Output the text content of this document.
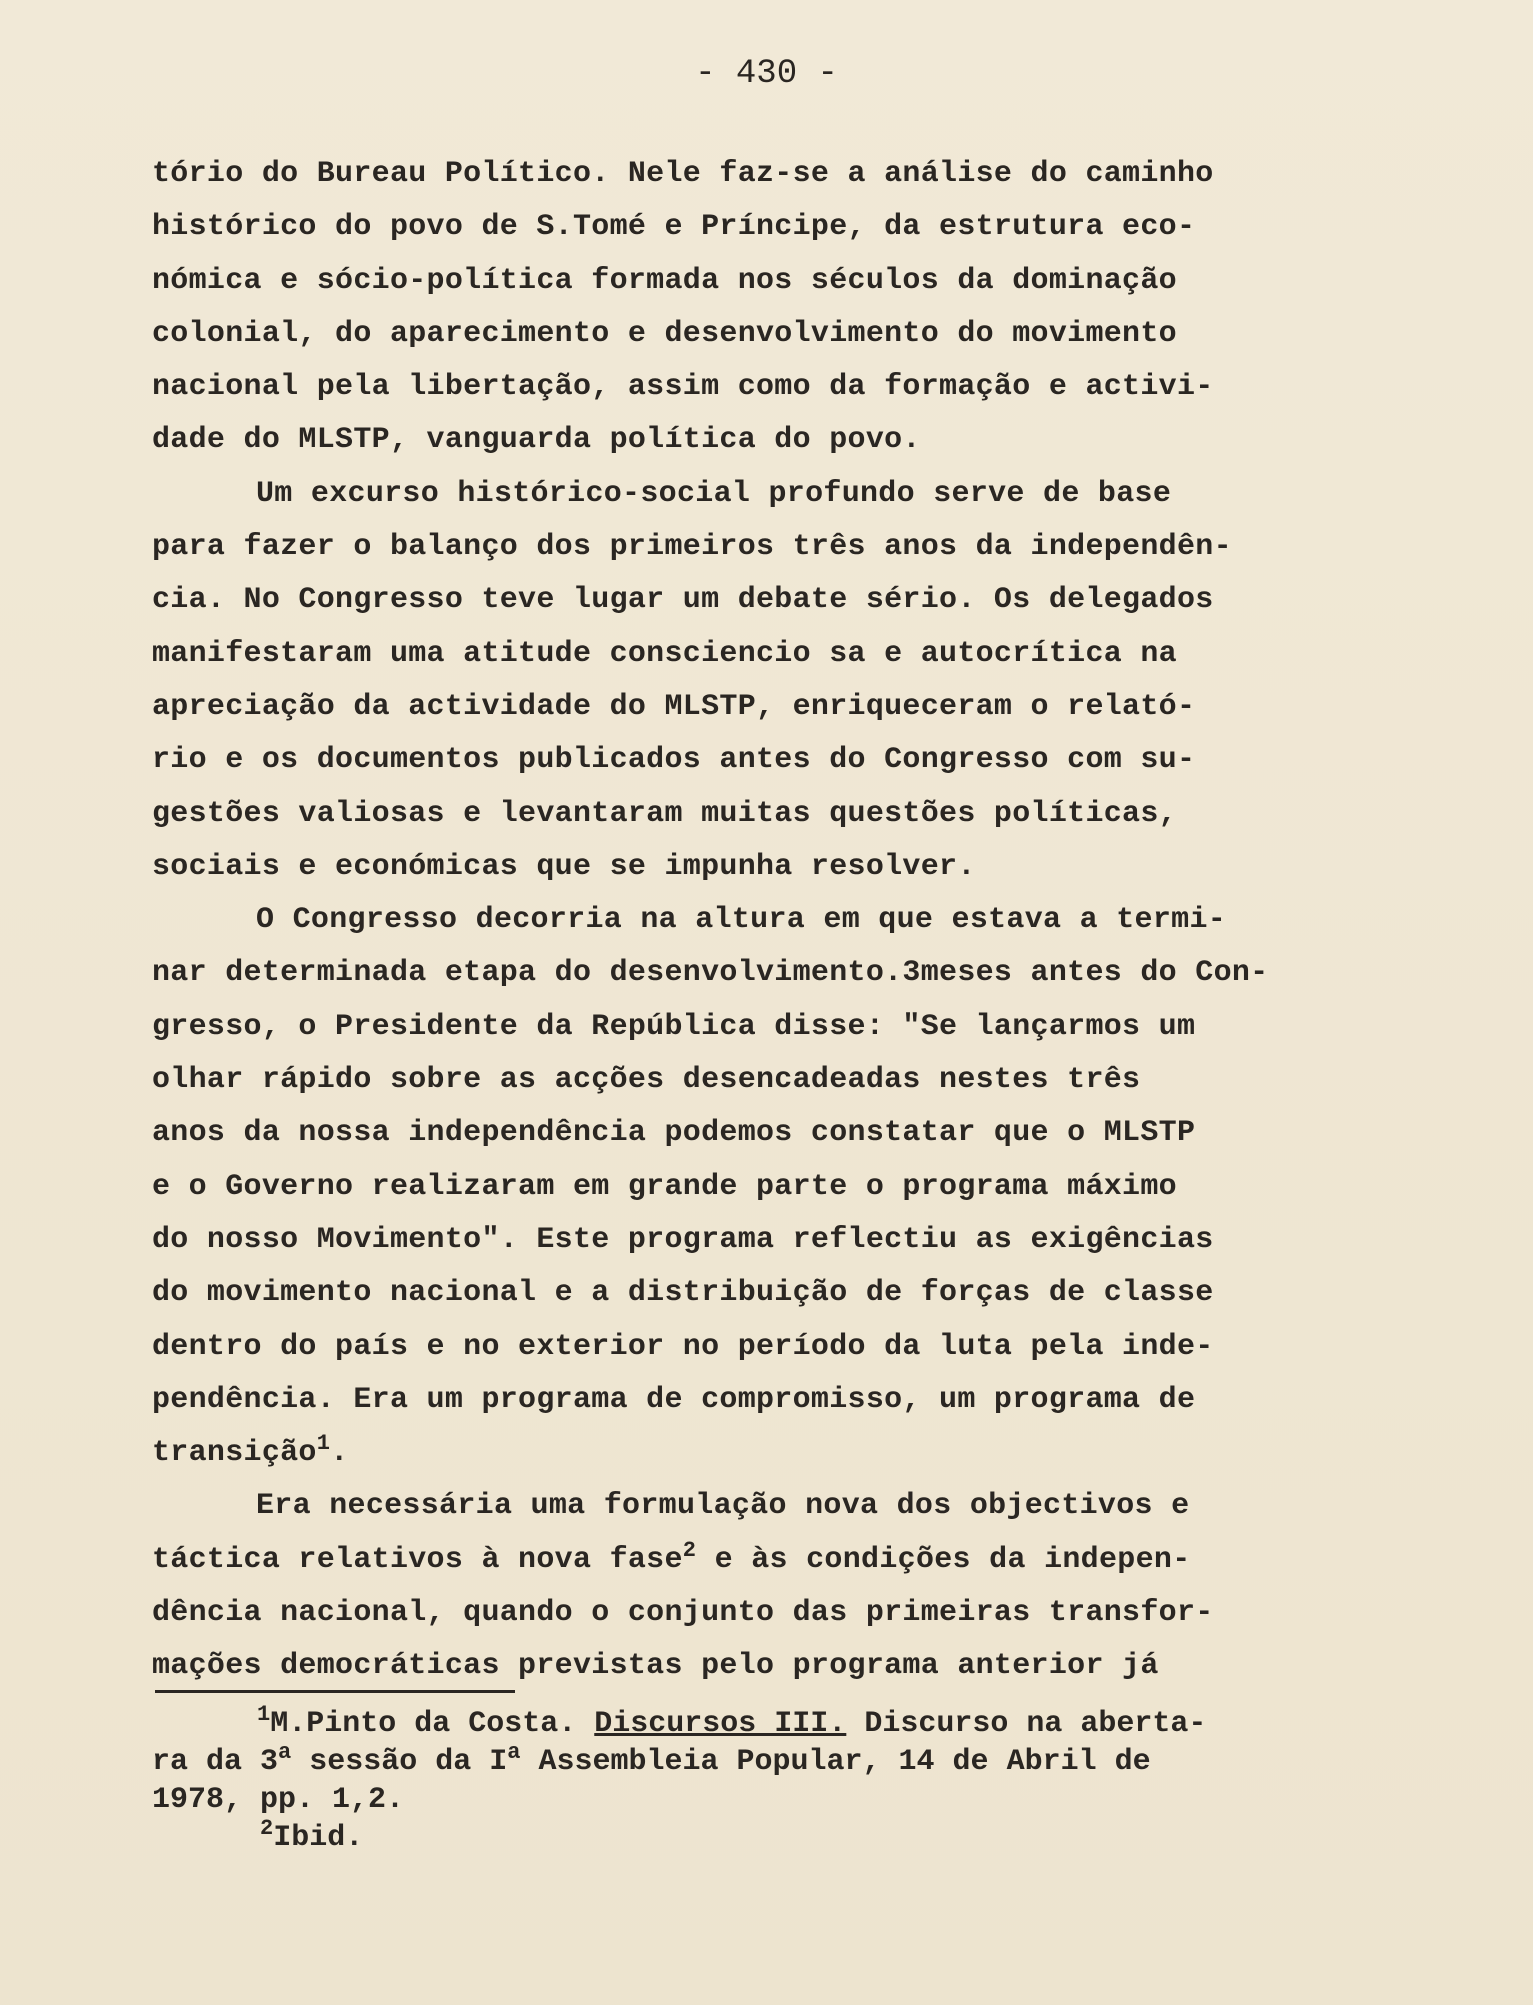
- 430 -
tório do Bureau Político. Nele faz-se a análise do caminho
histórico do povo de S.Tomé e Príncipe, da estrutura eco-
nómica e sócio-política formada nos séculos da dominação
colonial, do aparecimento e desenvolvimento do movimento
nacional pela libertação, assim como da formação e activi-
dade do MLSTP, vanguarda política do povo.
Um excurso histórico-social profundo serve de base
para fazer o balanço dos primeiros três anos da independên-
cia. No Congresso teve lugar um debate sério. Os delegados
manifestaram uma atitude consciencio sa e autocrítica na
apreciação da actividade do MLSTP, enriqueceram o relató-
rio e os documentos publicados antes do Congresso com su-
gestões valiosas e levantaram muitas questões políticas,
sociais e económicas que se impunha resolver.
O Congresso decorria na altura em que estava a termi-
nar determinada etapa do desenvolvimento.3meses antes do Con-
gresso, o Presidente da República disse: "Se lançarmos um
olhar rápido sobre as acções desencadeadas nestes três
anos da nossa independência podemos constatar que o MLSTP
e o Governo realizaram em grande parte o programa máximo
do nosso Movimento". Este programa reflectiu as exigências
do movimento nacional e a distribuição de forças de classe
dentro do país e no exterior no período da luta pela inde-
pendência. Era um programa de compromisso, um programa de
transição$^1$.
Era necessária uma formulação nova dos objectivos e
táctica relativos à nova fase$^2$ e às condições da indepen-
dência nacional, quando o conjunto das primeiras transfor-
mações democráticas previstas pelo programa anterior já
$^1$M.Pinto da Costa. Discursos III. Discurso na aberta-
ra da 3$^a$ sessão da $I^a$ Assembleia Popular, 14 de Abril de
1978, pp. 1,2.
$^2$Ibid.
